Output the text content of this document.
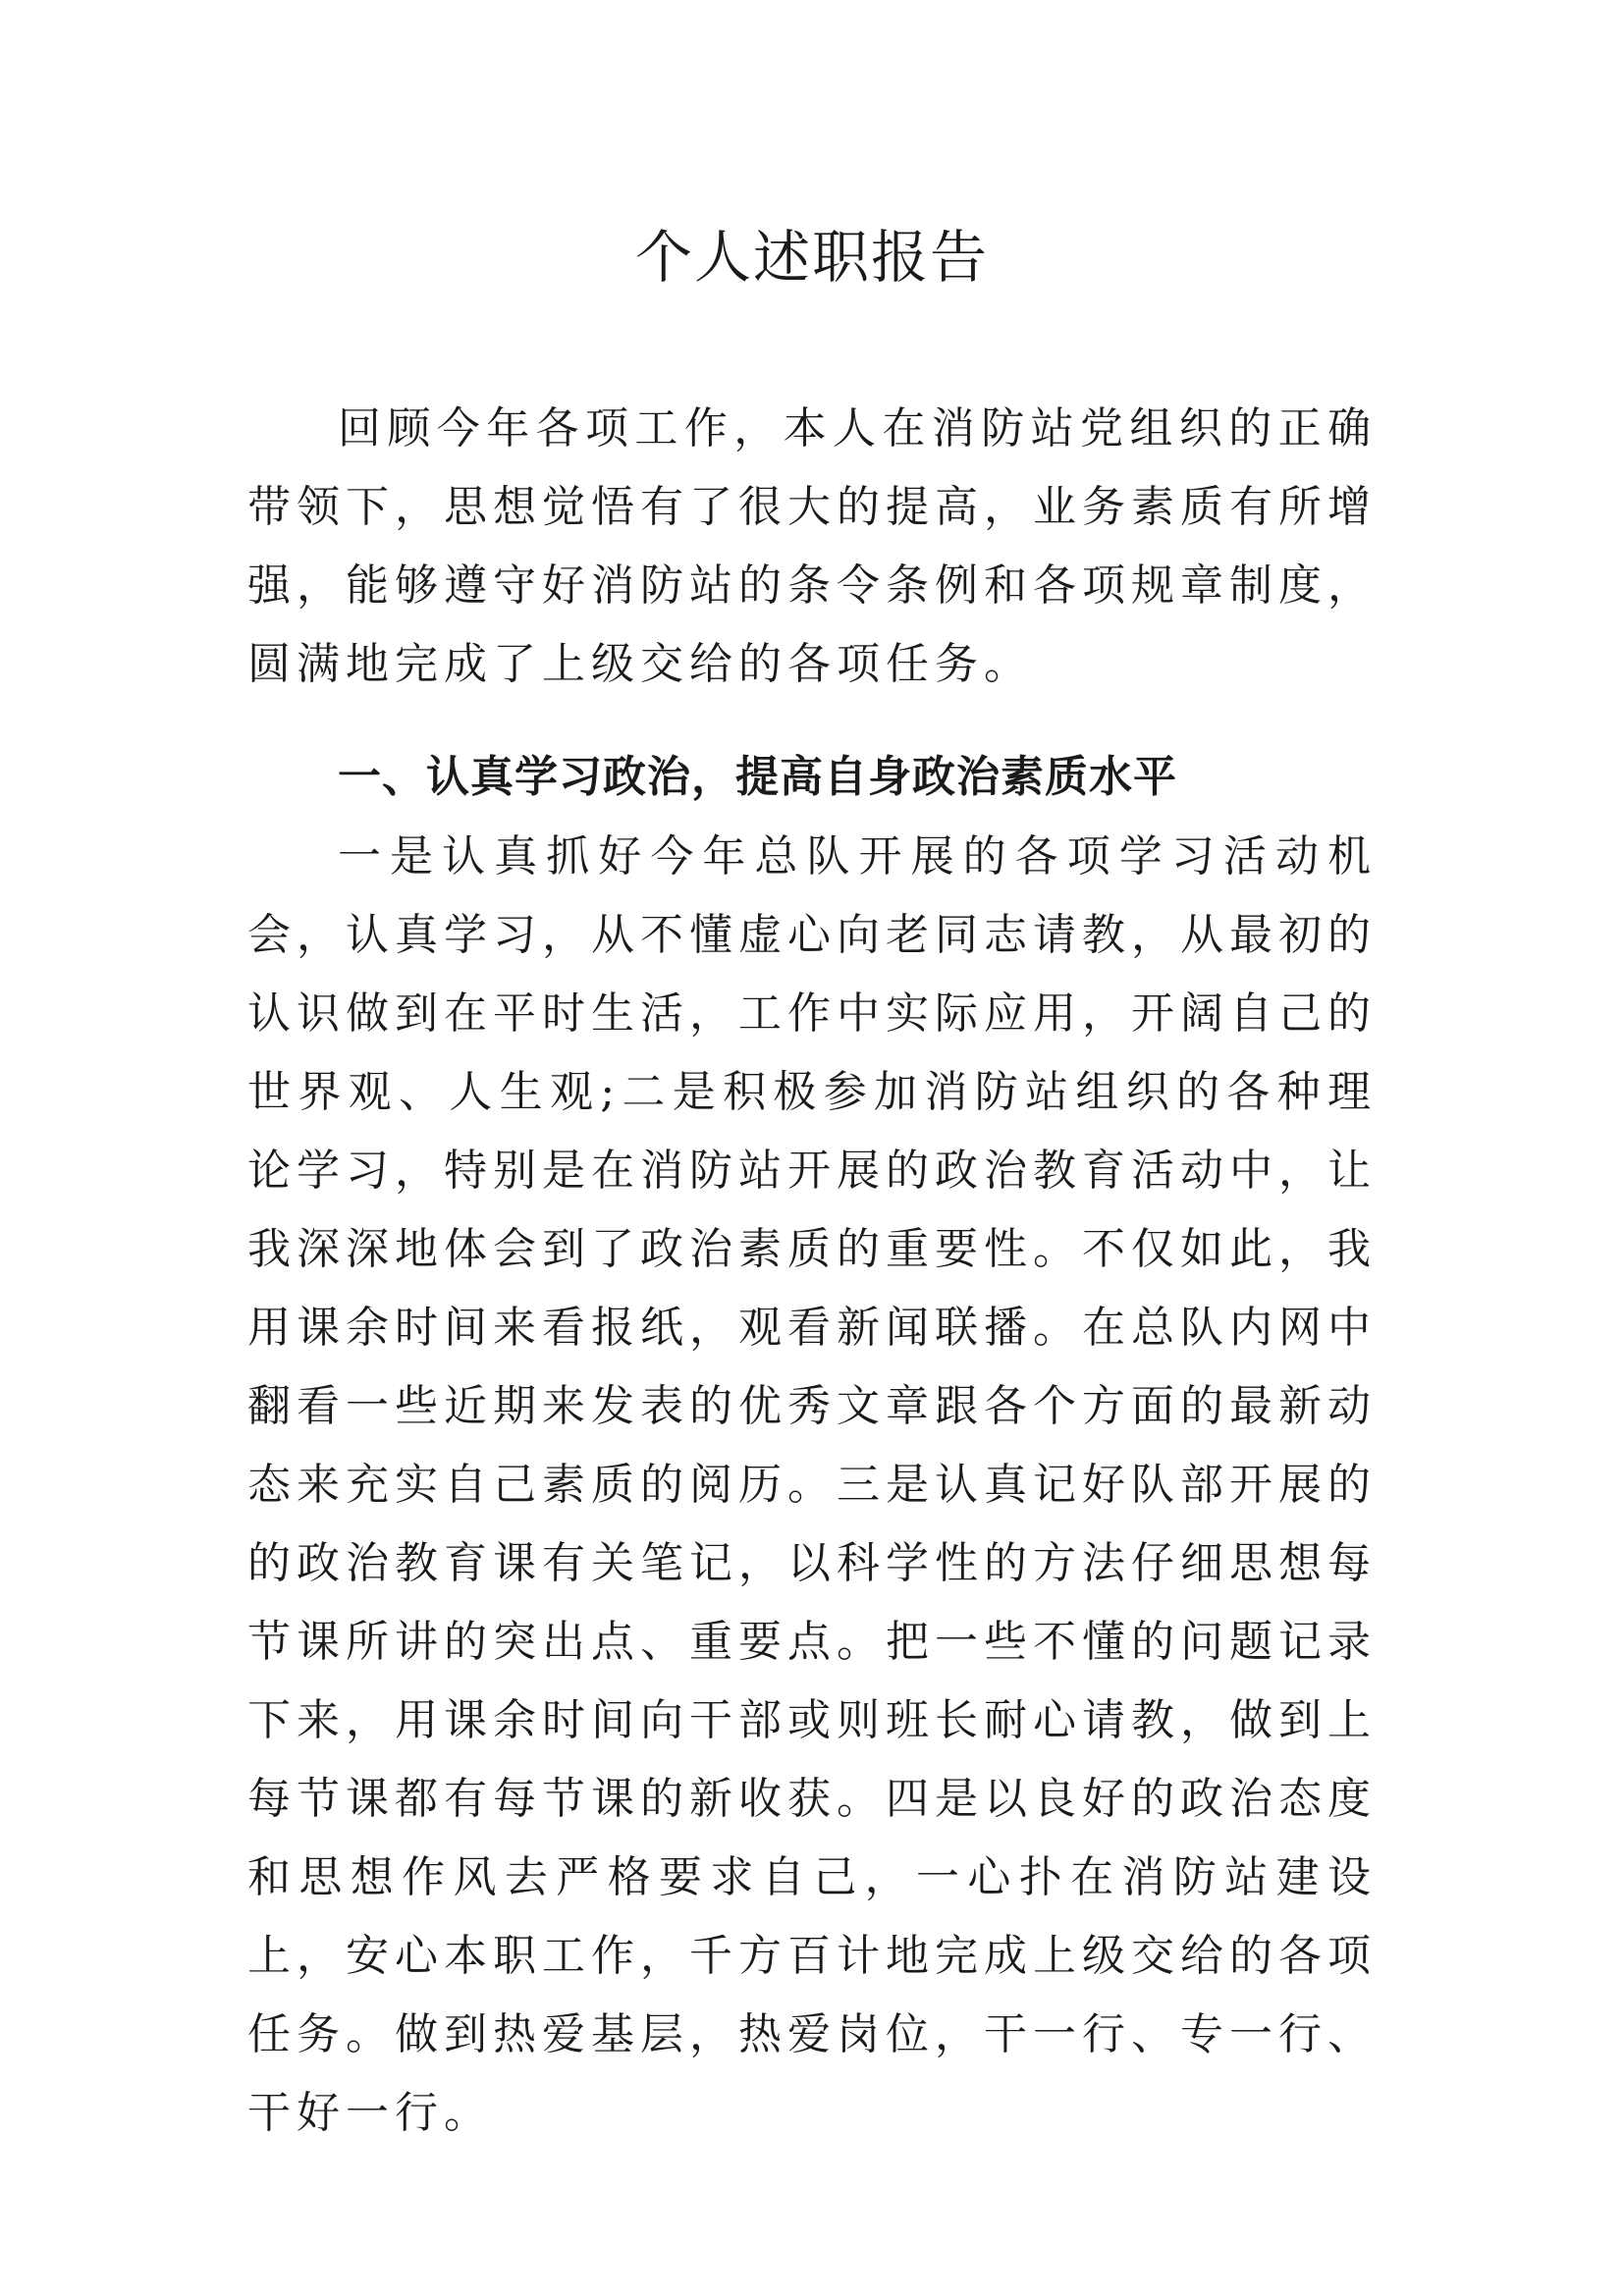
个人述职报告

回顾今年各项工作，本人在消防站党组织的正确带领下，思想觉悟有了很大的提高，业务素质有所增强，能够遵守好消防站的条令条例和各项规章制度，圆满地完成了上级交给的各项任务。

一、认真学习政治，提高自身政治素质水平

一是认真抓好今年总队开展的各项学习活动机会，认真学习，从不懂虚心向老同志请教，从最初的认识做到在平时生活，工作中实际应用，开阔自己的世界观、人生观;二是积极参加消防站组织的各种理论学习，特别是在消防站开展的政治教育活动中，让我深深地体会到了政治素质的重要性。不仅如此，我用课余时间来看报纸，观看新闻联播。在总队内网中翻看一些近期来发表的优秀文章跟各个方面的最新动态来充实自己素质的阅历。三是认真记好队部开展的的政治教育课有关笔记，以科学性的方法仔细思想每节课所讲的突出点、重要点。把一些不懂的问题记录下来，用课余时间向干部或则班长耐心请教，做到上每节课都有每节课的新收获。四是以良好的政治态度和思想作风去严格要求自己，一心扑在消防站建设上，安心本职工作，千方百计地完成上级交给的各项任务。做到热爱基层，热爱岗位，干一行、专一行、干好一行。
